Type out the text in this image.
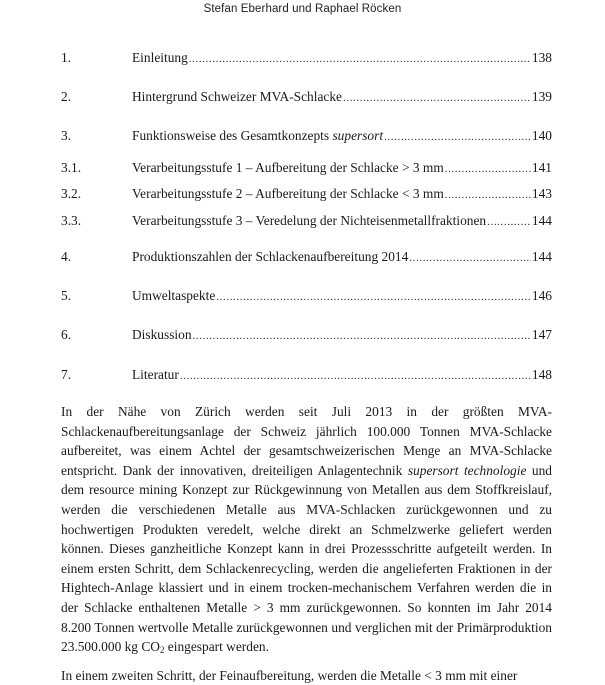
Stefan Eberhard und Raphael Röcken
1.	Einleitung .....	138
2.	Hintergrund Schweizer MVA-Schlacke .....	139
3.	Funktionsweise des Gesamtkonzepts supersort .....	140
3.1.	Verarbeitungsstufe 1 – Aufbereitung der Schlacke > 3 mm .....	141
3.2.	Verarbeitungsstufe 2 – Aufbereitung der Schlacke < 3 mm .....	143
3.3.	Verarbeitungsstufe 3 – Veredelung der Nichteisenmetallfraktionen .....	144
4.	Produktionszahlen der Schlackenaufbereitung 2014 .....	144
5.	Umweltaspekte .....	146
6.	Diskussion .....	147
7.	Literatur .....	148

In der Nähe von Zürich werden seit Juli 2013 in der größten MVA-Schlackenaufbereitungsanlage der Schweiz jährlich 100.000 Tonnen MVA-Schlacke aufbereitet, was einem Achtel der gesamtschweizerischen Menge an MVA-Schlacke entspricht. Dank der innovativen, dreiteiligen Anlagentechnik supersort technologie und dem resource mining Konzept zur Rückgewinnung von Metallen aus dem Stoffkreislauf, werden die verschiedenen Metalle aus MVA-Schlacken zurückgewonnen und zu hochwertigen Produkten veredelt, welche direkt an Schmelzwerke geliefert werden können. Dieses ganzheitliche Konzept kann in drei Prozessschritte aufgeteilt werden. In einem ersten Schritt, dem Schlackenrecycling, werden die angelieferten Fraktionen in der Hightech-Anlage klassiert und in einem trocken-mechanischem Verfahren werden die in der Schlacke enthaltenen Metalle > 3 mm zurückgewonnen. So konnten im Jahr 2014 8.200 Tonnen wertvolle Metalle zurückgewonnen und verglichen mit der Primärproduktion 23.500.000 kg $CO_2$ eingespart werden.

In einem zweiten Schritt, der Feinaufbereitung, werden die Metalle < 3 mm mit einer
